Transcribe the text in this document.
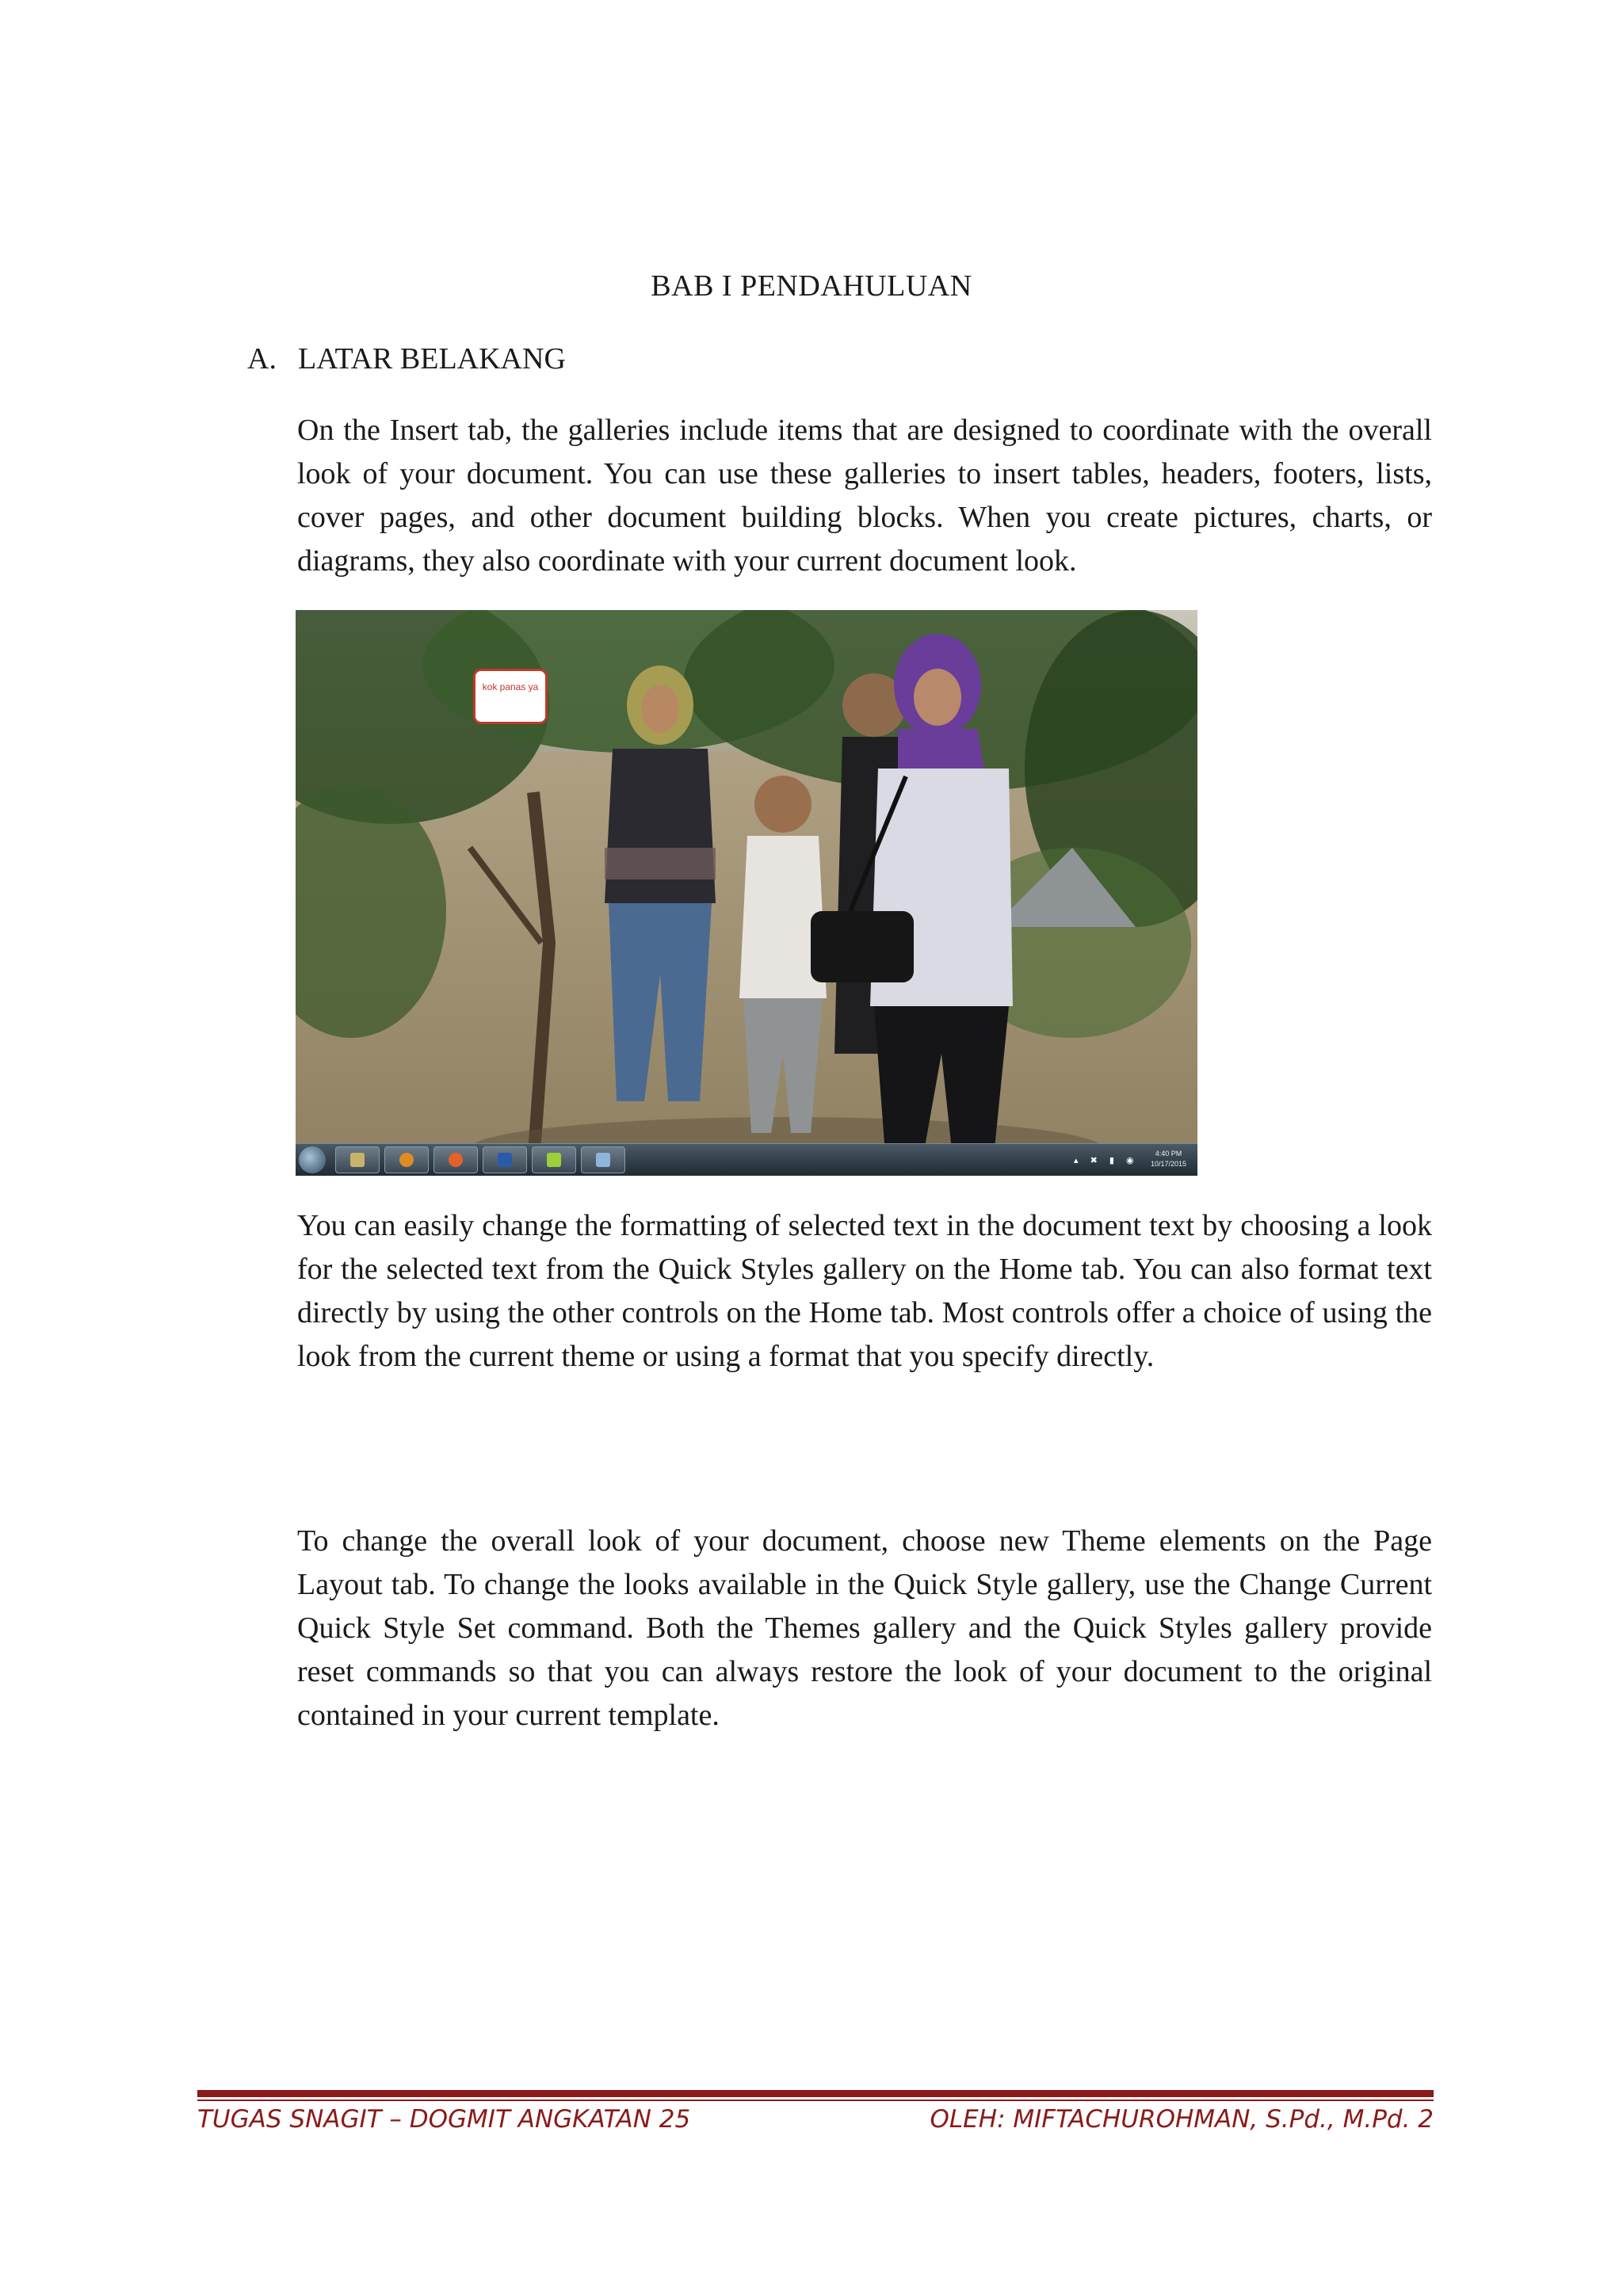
BAB I PENDAHULUAN
A. LATAR BELAKANG

On the Insert tab, the galleries include items that are designed to coordinate with the overall look of your document. You can use these galleries to insert tables, headers, footers, lists, cover pages, and other document building blocks. When you create pictures, charts, or diagrams, they also coordinate with your current document look.

kok panas ya
▴ ✖ ▮ ◉
4:40 PM
10/17/2015

You can easily change the formatting of selected text in the document text by choosing a look for the selected text from the Quick Styles gallery on the Home tab. You can also format text directly by using the other controls on the Home tab. Most controls offer a choice of using the look from the current theme or using a format that you specify directly.

To change the overall look of your document, choose new Theme elements on the Page Layout tab. To change the looks available in the Quick Style gallery, use the Change Current Quick Style Set command. Both the Themes gallery and the Quick Styles gallery provide reset commands so that you can always restore the look of your document to the original contained in your current template.

TUGAS SNAGIT – DOGMIT ANGKATAN 25	OLEH: MIFTACHUROHMAN, S.Pd., M.Pd. 2
